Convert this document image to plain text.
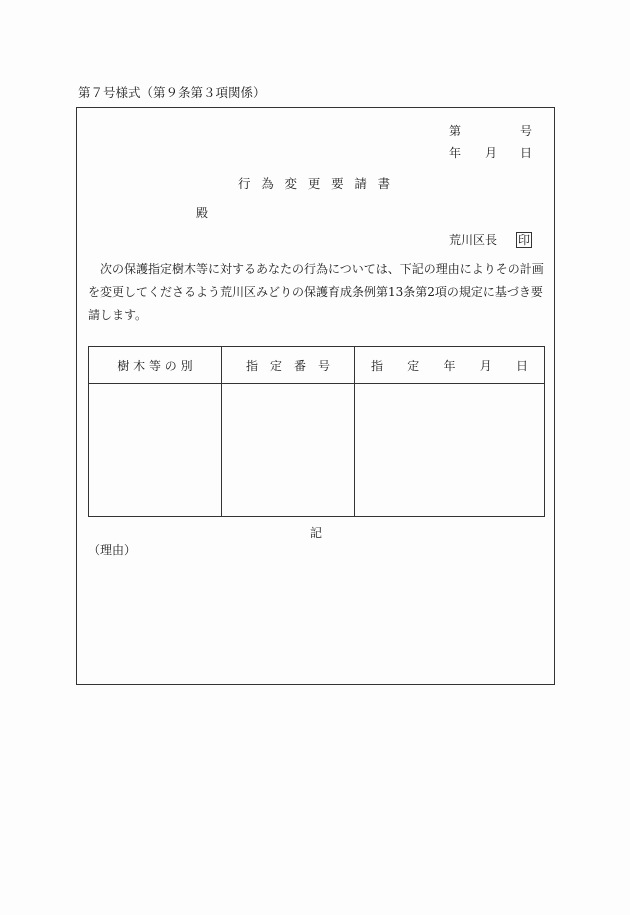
第７号様式（第９条第３項関係）
第	号
年 月 日
行 為 変 更 要 請 書
殿
荒川区長 印
次の保護指定樹木等に対するあなたの行為については、下記の理由によりその計画
を変更してくださるよう荒川区みどりの保護育成条例第13条第2項の規定に基づき要
請します。
樹 木 等 の 別	指　定　番　号	指 定 年 月 日

記
（理由）
